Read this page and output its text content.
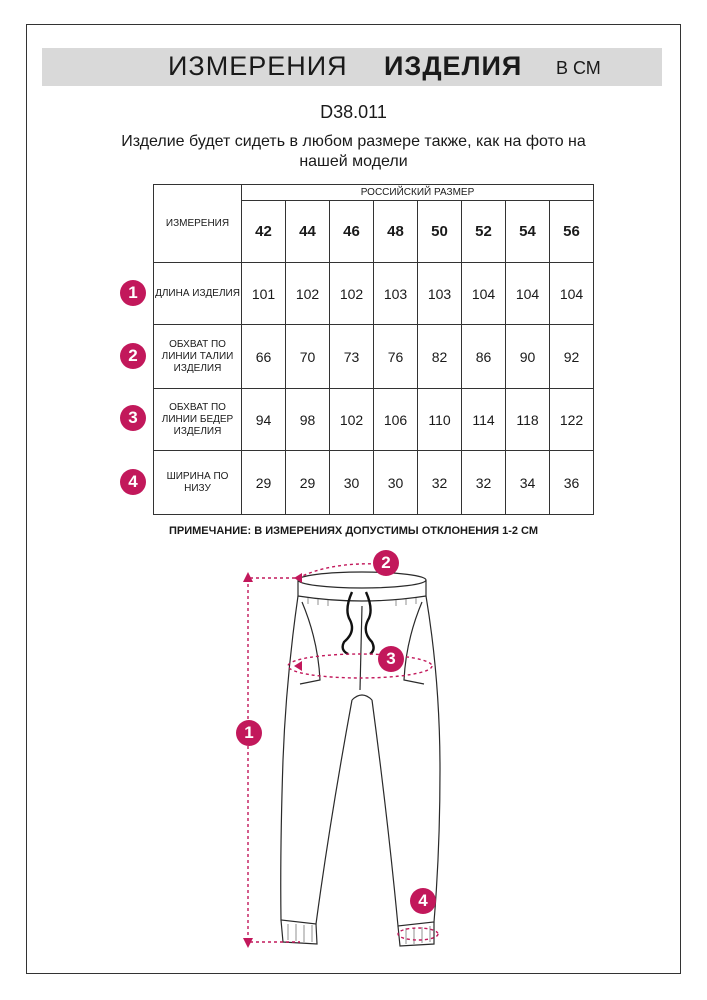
ИЗМЕРЕНИЯ ИЗДЕЛИЯ В СМ
D38.011
Изделие будет сидеть в любом размере также, как на фото на нашей модели
ИЗМЕРЕНИЯ	РОССИЙСКИЙ РАЗМЕР							
	42	44	46	48	50	52	54	56
ДЛИНА ИЗДЕЛИЯ	101	102	102	103	103	104	104	104
ОБХВАТ ПО ЛИНИИ ТАЛИИ ИЗДЕЛИЯ	66	70	73	76	82	86	90	92
ОБХВАТ ПО ЛИНИИ БЕДЕР ИЗДЕЛИЯ	94	98	102	106	110	114	118	122
ШИРИНА ПО НИЗУ	29	29	30	30	32	32	34	36
1
2
3
4
ПРИМЕЧАНИЕ: В ИЗМЕРЕНИЯХ ДОПУСТИМЫ ОТКЛОНЕНИЯ 1-2 СМ
1
2
3
4
